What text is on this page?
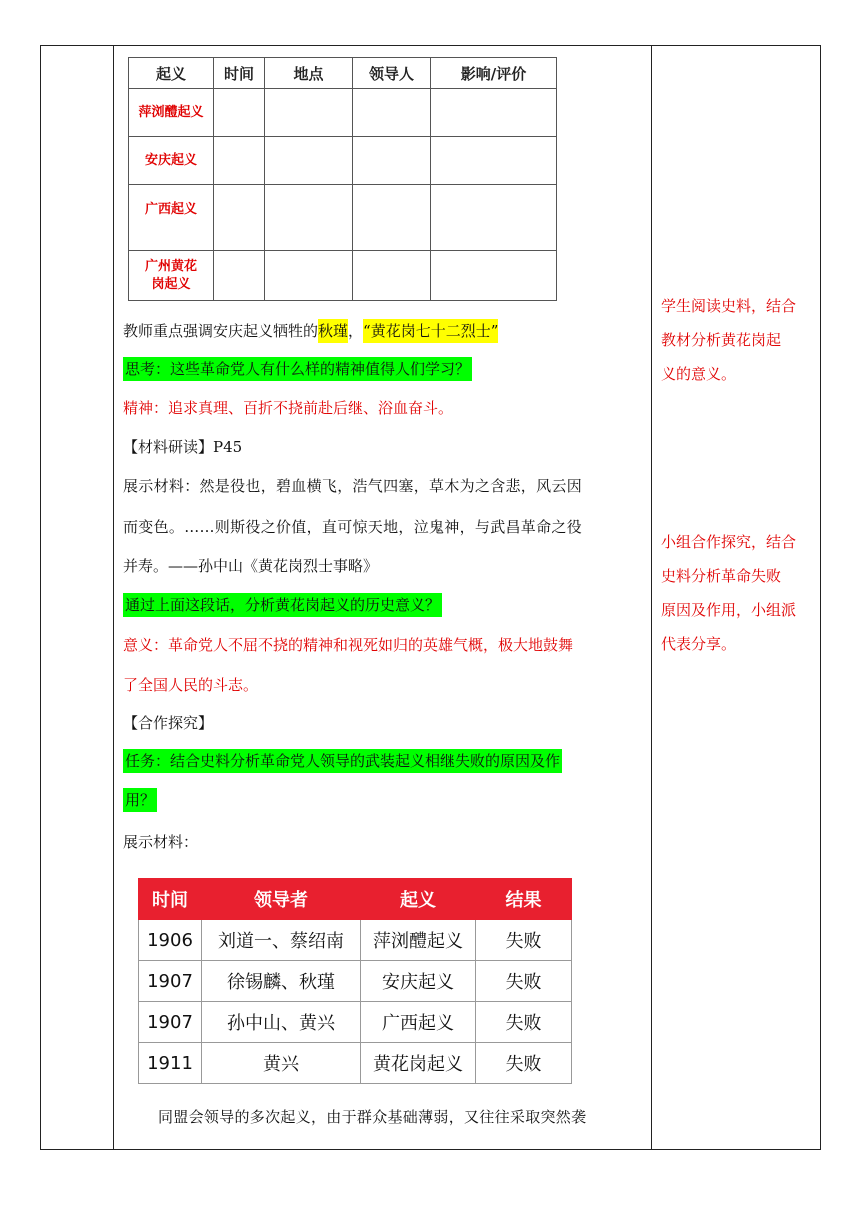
起义	时间	地点	领导人	影响/评价
萍浏醴起义				
安庆起义				
广西起义				
广州黄花岗起义				
教师重点强调安庆起义牺牲的秋瑾，“黄花岗七十二烈士”
思考：这些革命党人有什么样的精神值得人们学习？
精神：追求真理、百折不挠前赴后继、浴血奋斗。
【材料研读】P45
展示材料：然是役也，碧血横飞，浩气四塞，草木为之含悲，风云因
而变色。……则斯役之价值，直可惊天地，泣鬼神，与武昌革命之役
并寿。——孙中山《黄花岗烈士事略》
通过上面这段话，分析黄花岗起义的历史意义？
意义：革命党人不屈不挠的精神和视死如归的英雄气概，极大地鼓舞
了全国人民的斗志。
【合作探究】
任务：结合史料分析革命党人领导的武装起义相继失败的原因及作
用？
展示材料：
时间	领导者	起义	结果
1906	刘道一、蔡绍南	萍浏醴起义	失败
1907	徐锡麟、秋瑾	安庆起义	失败
1907	孙中山、黄兴	广西起义	失败
1911	黄兴	黄花岗起义	失败
同盟会领导的多次起义，由于群众基础薄弱，又往往采取突然袭
学生阅读史料，结合
教材分析黄花岗起
义的意义。
小组合作探究，结合
史料分析革命失败
原因及作用，小组派
代表分享。
